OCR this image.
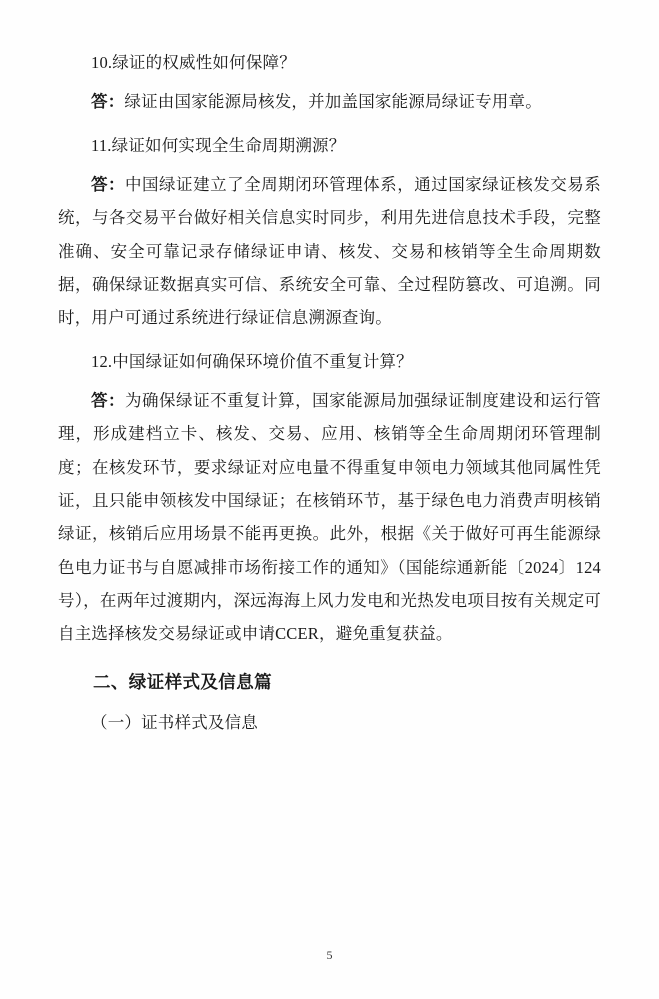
10.绿证的权威性如何保障？

答：绿证由国家能源局核发，并加盖国家能源局绿证专用章。

11.绿证如何实现全生命周期溯源？

答：中国绿证建立了全周期闭环管理体系，通过国家绿证核发交易系统，与各交易平台做好相关信息实时同步，利用先进信息技术手段，完整准确、安全可靠记录存储绿证申请、核发、交易和核销等全生命周期数据，确保绿证数据真实可信、系统安全可靠、全过程防篡改、可追溯。同时，用户可通过系统进行绿证信息溯源查询。

12.中国绿证如何确保环境价值不重复计算？

答：为确保绿证不重复计算，国家能源局加强绿证制度建设和运行管理，形成建档立卡、核发、交易、应用、核销等全生命周期闭环管理制度；在核发环节，要求绿证对应电量不得重复申领电力领域其他同属性凭证，且只能申领核发中国绿证；在核销环节，基于绿色电力消费声明核销绿证，核销后应用场景不能再更换。此外，根据《关于做好可再生能源绿色电力证书与自愿减排市场衔接工作的通知》（国能综通新能〔2024〕124号），在两年过渡期内，深远海海上风力发电和光热发电项目按有关规定可自主选择核发交易绿证或申请CCER，避免重复获益。

二、绿证样式及信息篇

（一）证书样式及信息

5
